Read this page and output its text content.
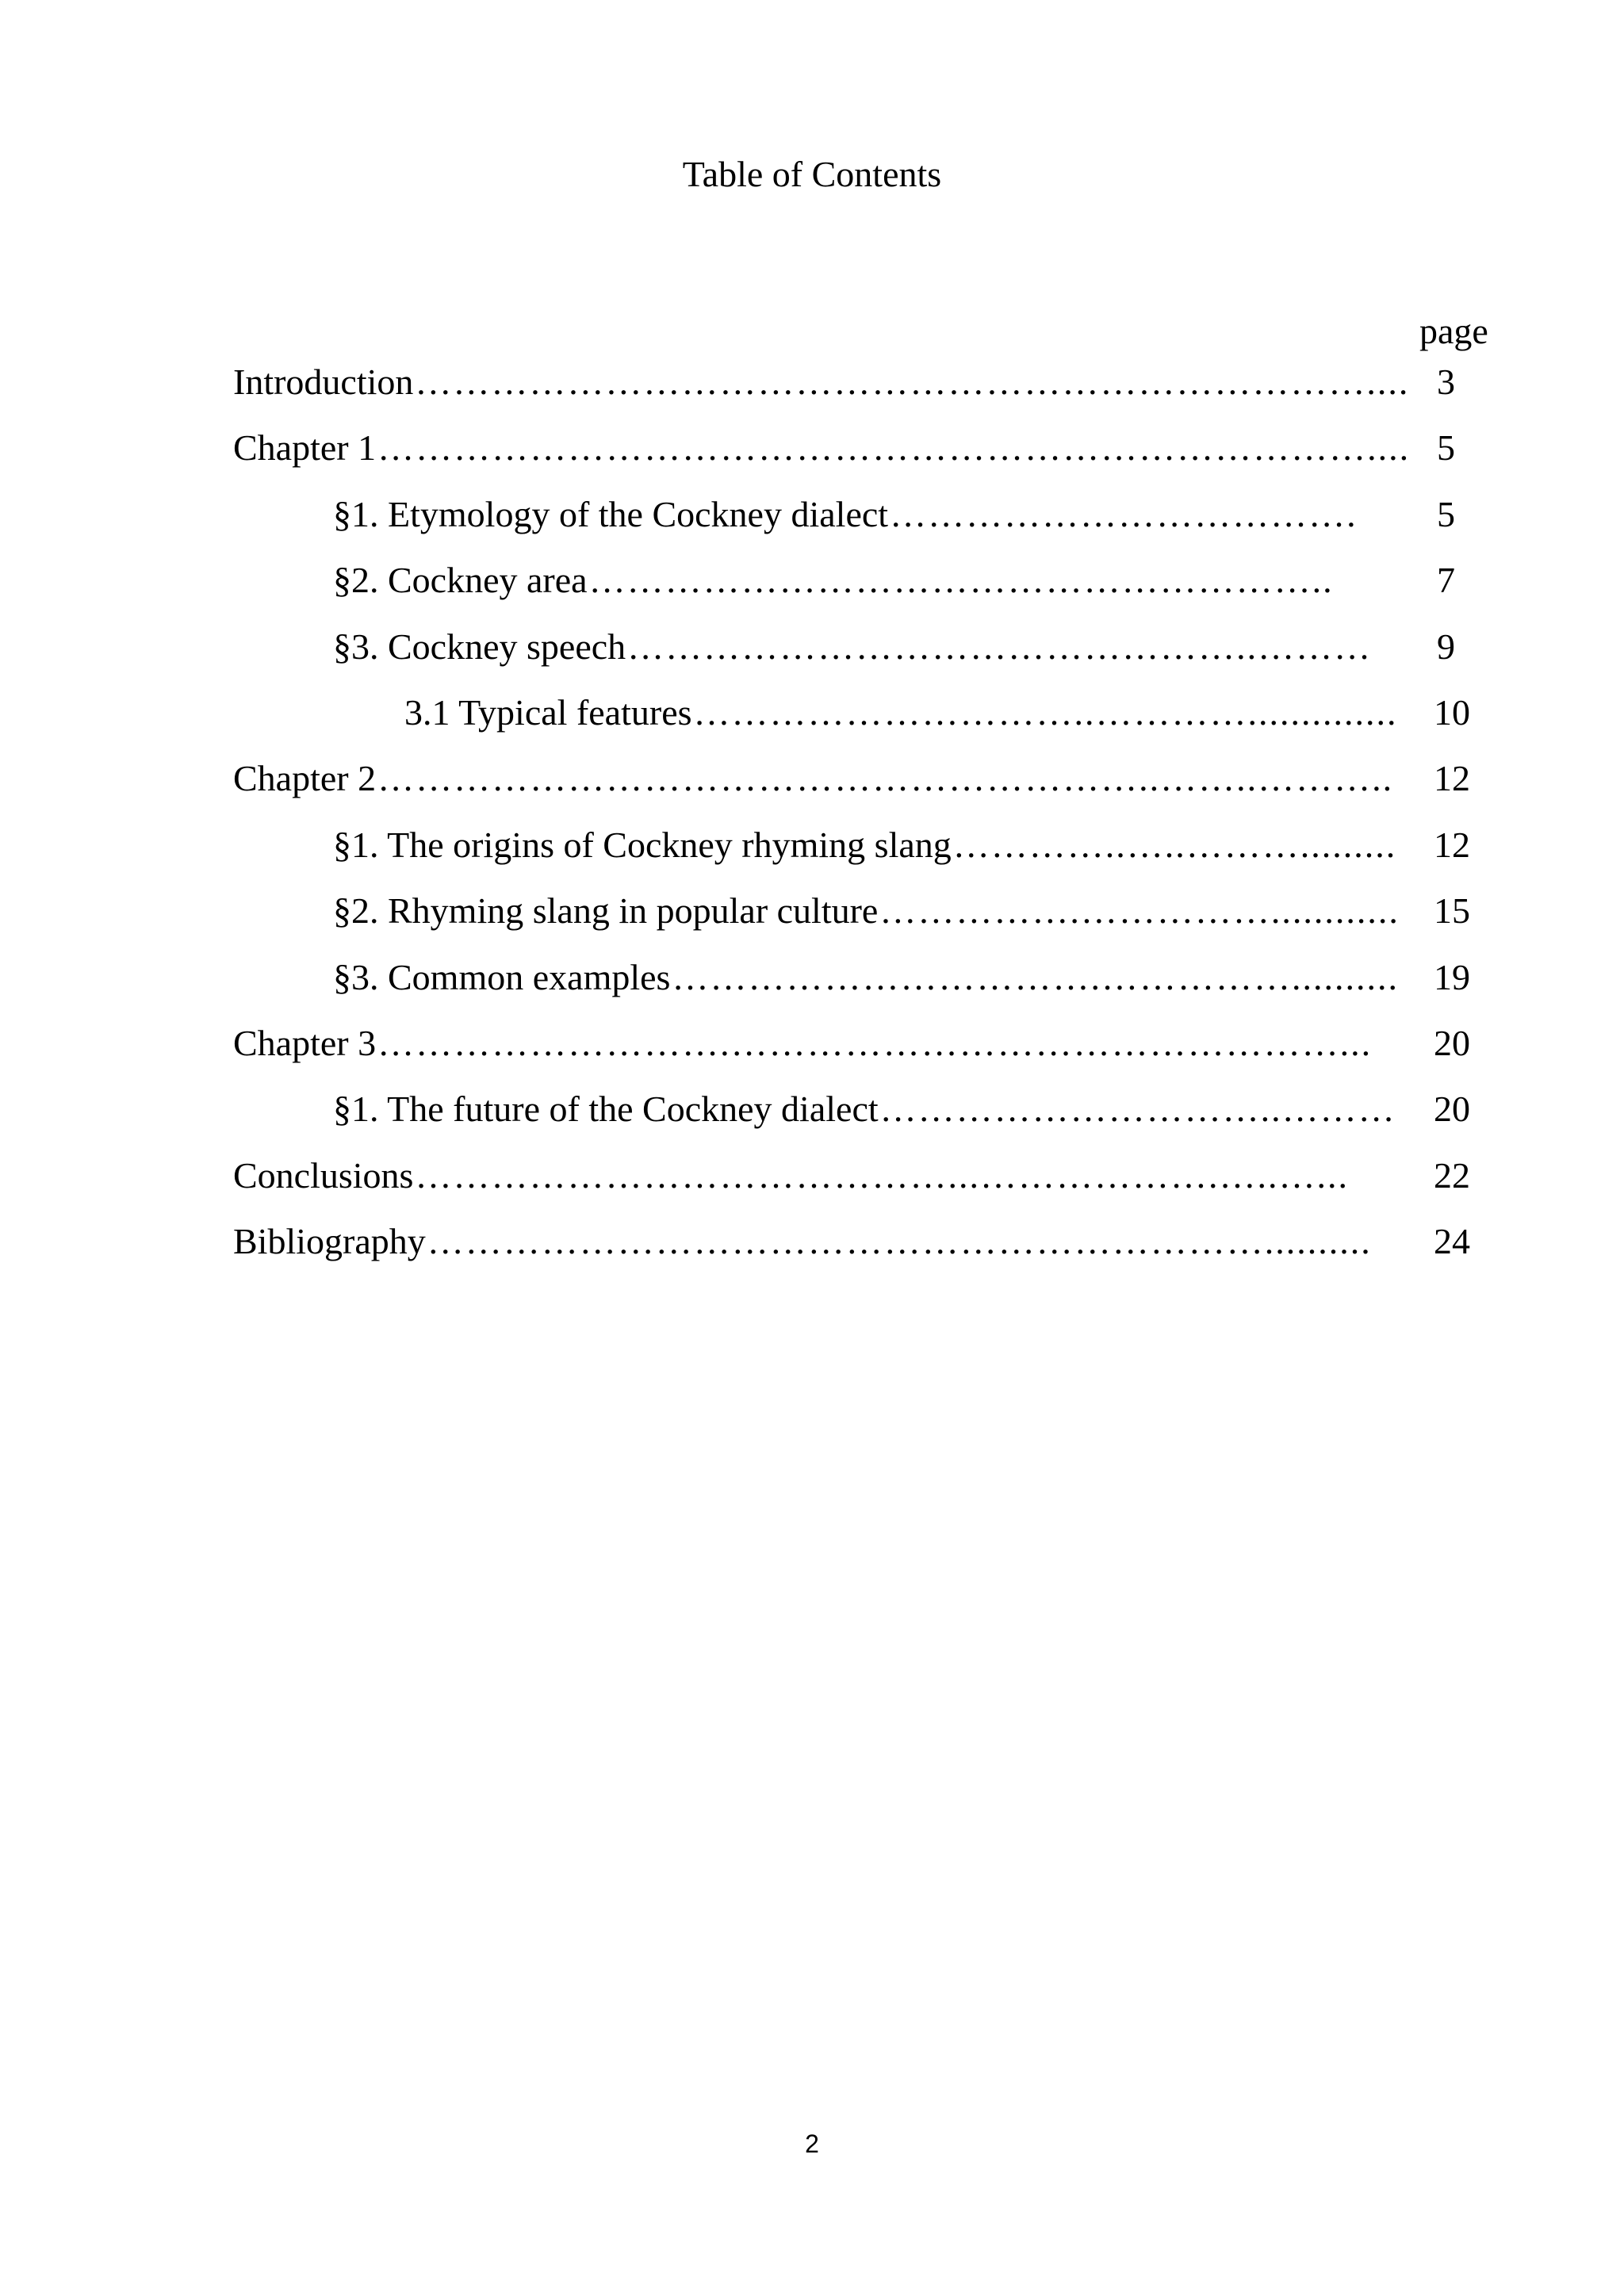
Table of Contents
page
Introduction………………………………………………………………….... 3
Chapter 1…………………………………………………………………….... 5
§1. Etymology of the Cockney dialect……………………………….	5
§2. Cockney area…………………………………………………..	7
§3. Cockney speech…………………………………………..………	9
3.1 Typical features…………………………..………….............. 10
Chapter 2……………………………………………………..……..………..	12
§1. The origins of Cockney rhyming slang…………..…..……….........	12
§2. Rhyming slang in popular culture…………….……………............ 15
§3. Common examples…………………………….…………….......... 19
Chapter 3……………………….…………………………………………...	20
§1. The future of the Cockney dialect…………………………..………	20
Conclusions……………………………………...……………….…..…...	22
Bibliography…………………………………………………………..........	24
2
